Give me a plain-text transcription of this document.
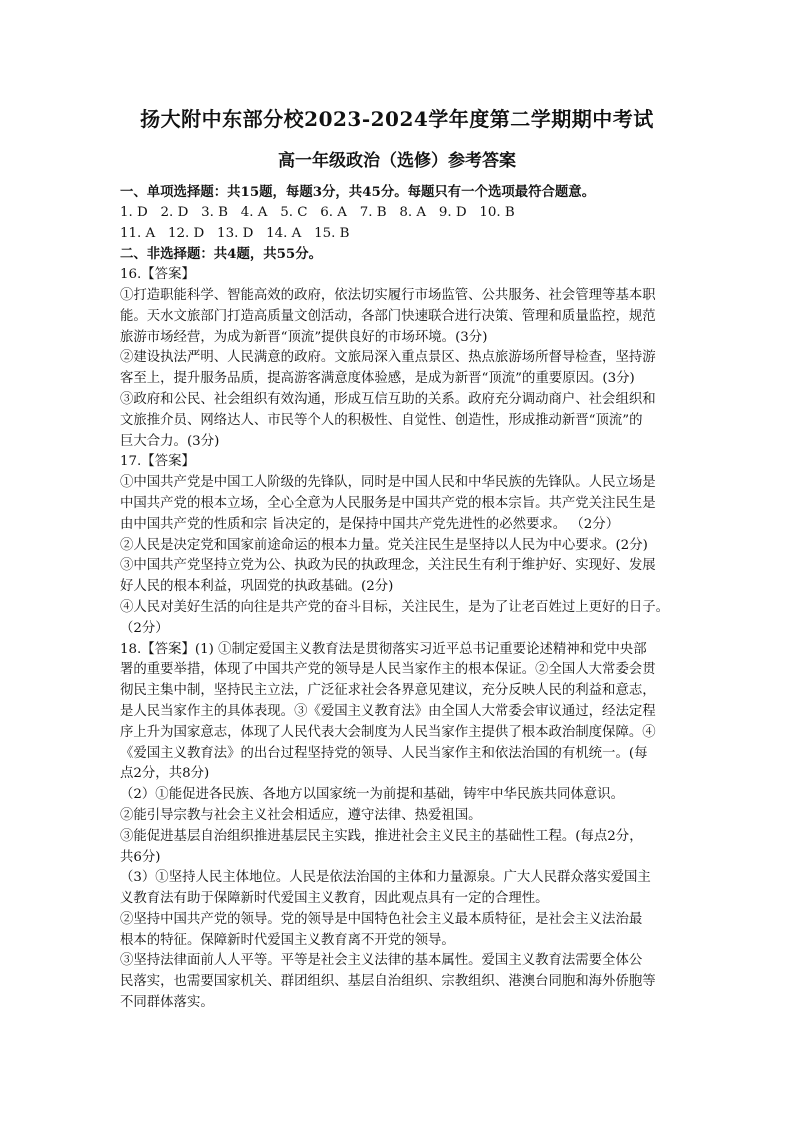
扬大附中东部分校2023-2024学年度第二学期期中考试
高一年级政治（选修）参考答案

一、单项选择题：共15题，每题3分，共45分。每题只有一个选项最符合题意。

1. D   2. D   3. B   4. A   5. C   6. A   7. B   8. A   9. D   10. B

11. A   12. D   13. D   14. A   15. B

二、非选择题：共4题，共55分。

16.【答案】

①打造职能科学、智能高效的政府，依法切实履行市场监管、公共服务、社会管理等基本职

能。天水文旅部门打造高质量文创活动，各部门快速联合进行决策、管理和质量监控，规范

旅游市场经营，为成为新晋“顶流”提供良好的市场环境。(3分)

②建设执法严明、人民满意的政府。文旅局深入重点景区、热点旅游场所督导检查，坚持游

客至上，提升服务品质，提高游客满意度体验感，是成为新晋“顶流”的重要原因。(3分)

③政府和公民、社会组织有效沟通，形成互信互助的关系。政府充分调动商户、社会组织和

文旅推介员、网络达人、市民等个人的积极性、自觉性、创造性，形成推动新晋“顶流”的

巨大合力。(3分)

17.【答案】

①中国共产党是中国工人阶级的先锋队，同时是中国人民和中华民族的先锋队。人民立场是

中国共产党的根本立场，全心全意为人民服务是中国共产党的根本宗旨。共产党关注民生是

由中国共产党的性质和宗 旨决定的，是保持中国共产党先进性的必然要求。 （2分）

②人民是决定党和国家前途命运的根本力量。党关注民生是坚持以人民为中心要求。(2分)

③中国共产党坚持立党为公、执政为民的执政理念，关注民生有利于维护好、实现好、发展

好人民的根本利益，巩固党的执政基础。(2分)

④人民对美好生活的向往是共产党的奋斗目标，关注民生，是为了让老百姓过上更好的日子。

（2分）

18.【答案】(1) ①制定爱国主义教育法是贯彻落实习近平总书记重要论述精神和党中央部

署的重要举措，体现了中国共产党的领导是人民当家作主的根本保证。②全国人大常委会贯

彻民主集中制，坚持民主立法，广泛征求社会各界意见建议，充分反映人民的利益和意志，

是人民当家作主的具体表现。③《爱国主义教育法》由全国人大常委会审议通过，经法定程

序上升为国家意志，体现了人民代表大会制度为人民当家作主提供了根本政治制度保障。④

《爱国主义教育法》的出台过程坚持党的领导、人民当家作主和依法治国的有机统一。(每

点2分，共8分)

（2）①能促进各民族、各地方以国家统一为前提和基础，铸牢中华民族共同体意识。

②能引导宗教与社会主义社会相适应，遵守法律、热爱祖国。

③能促进基层自治组织推进基层民主实践，推进社会主义民主的基础性工程。(每点2分，

共6分)

（3）①坚持人民主体地位。人民是依法治国的主体和力量源泉。广大人民群众落实爱国主

义教育法有助于保障新时代爱国主义教育，因此观点具有一定的合理性。

②坚持中国共产党的领导。党的领导是中国特色社会主义最本质特征，是社会主义法治最

根本的特征。保障新时代爱国主义教育离不开党的领导。

③坚持法律面前人人平等。平等是社会主义法律的基本属性。爱国主义教育法需要全体公

民落实，也需要国家机关、群团组织、基层自治组织、宗教组织、港澳台同胞和海外侨胞等

不同群体落实。
